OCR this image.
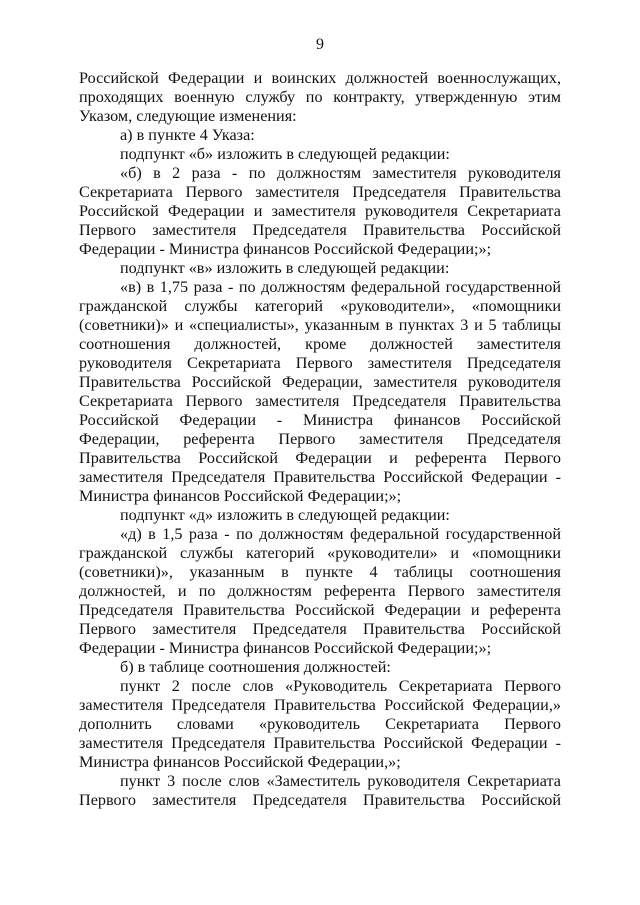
9

Российской Федерации и воинских должностей военнослужащих, проходящих военную службу по контракту, утвержденную этим Указом, следующие изменения:

а) в пункте 4 Указа:

подпункт «б» изложить в следующей редакции:

«б) в 2 раза - по должностям заместителя руководителя Секретариата Первого заместителя Председателя Правительства Российской Федерации и заместителя руководителя Секретариата Первого заместителя Председателя Правительства Российской Федерации - Министра финансов Российской Федерации;»;

подпункт «в» изложить в следующей редакции:

«в) в 1,75 раза - по должностям федеральной государственной гражданской службы категорий «руководители», «помощники (советники)» и «специалисты», указанным в пунктах 3 и 5 таблицы соотношения должностей, кроме должностей заместителя руководителя Секретариата Первого заместителя Председателя Правительства Российской Федерации, заместителя руководителя Секретариата Первого заместителя Председателя Правительства Российской Федерации - Министра финансов Российской Федерации, референта Первого заместителя Председателя Правительства Российской Федерации и референта Первого заместителя Председателя Правительства Российской Федерации - Министра финансов Российской Федерации;»;

подпункт «д» изложить в следующей редакции:

«д) в 1,5 раза - по должностям федеральной государственной гражданской службы категорий «руководители» и «помощники (советники)», указанным в пункте 4 таблицы соотношения должностей, и по должностям референта Первого заместителя Председателя Правительства Российской Федерации и референта Первого заместителя Председателя Правительства Российской Федерации - Министра финансов Российской Федерации;»;

б) в таблице соотношения должностей:

пункт 2 после слов «Руководитель Секретариата Первого заместителя Председателя Правительства Российской Федерации,» дополнить словами «руководитель Секретариата Первого заместителя Председателя Правительства Российской Федерации - Министра финансов Российской Федерации,»;

пункт 3 после слов «Заместитель руководителя Секретариата Первого заместителя Председателя Правительства Российской
